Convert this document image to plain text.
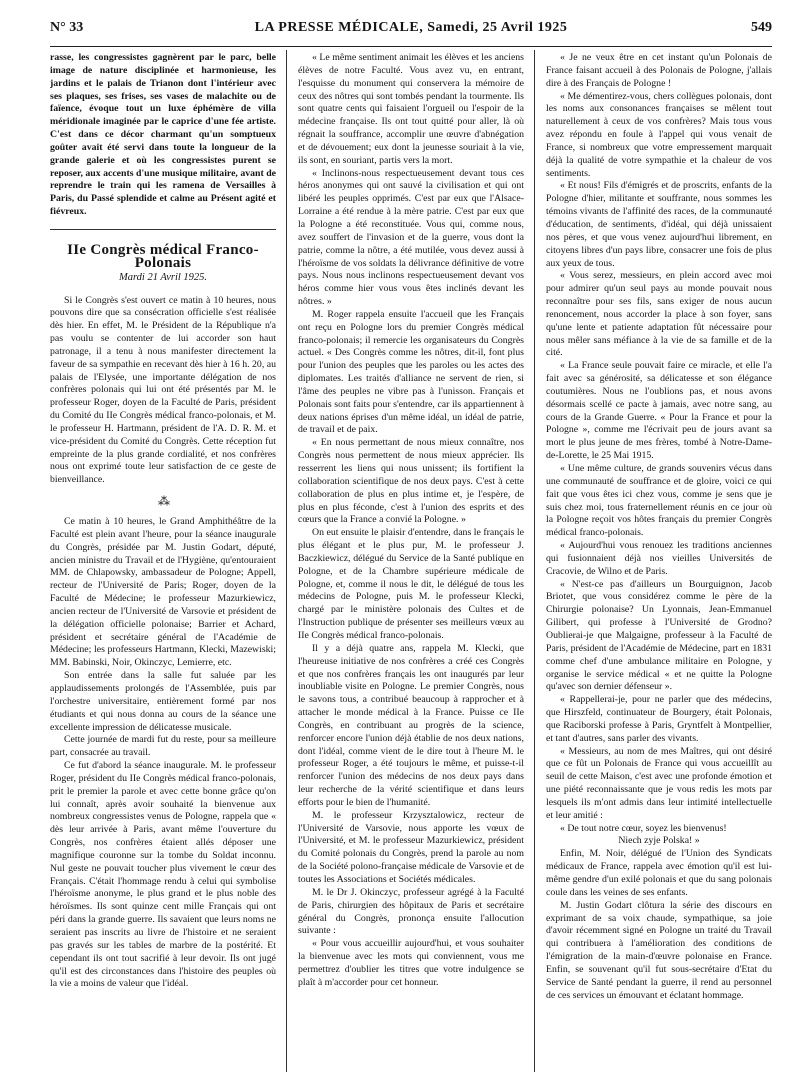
N° 33	LA PRESSE MÉDICALE, Samedi, 25 Avril 1925	549

rasse, les congressistes gagnèrent par le parc, belle image de nature disciplinée et harmonieuse, les jardins et le palais de Trianon dont l'intérieur avec ses plaques, ses frises, ses vases de malachite ou de faïence, évoque tout un luxe éphémère de villa méridionale imaginée par le caprice d'une fée artiste. C'est dans ce décor charmant qu'un somptueux goûter avait été servi dans toute la longueur de la grande galerie et où les congressistes purent se reposer, aux accents d'une musique militaire, avant de reprendre le train qui les ramena de Versailles à Paris, du Passé splendide et calme au Présent agité et fiévreux.

IIe Congrès médical Franco-Polonais
Mardi 21 Avril 1925.

Si le Congrès s'est ouvert ce matin à 10 heures, nous pouvons dire que sa consécration officielle s'est réalisée dès hier. En effet, M. le Président de la République n'a pas voulu se contenter de lui accorder son haut patronage, il a tenu à nous manifester directement la faveur de sa sympathie en recevant dès hier à 16 h. 20, au palais de l'Elysée, une importante délégation de nos confrères polonais qui lui ont été présentés par M. le professeur Roger, doyen de la Faculté de Paris, président du Comité du IIe Congrès médical franco-polonais, et M. le professeur H. Hartmann, président de l'A. D. R. M. et vice-président du Comité du Congrès. Cette réception fut empreinte de la plus grande cordialité, et nos confrères nous ont exprimé toute leur satisfaction de ce geste de bienveillance.

⁂

Ce matin à 10 heures, le Grand Amphithéâtre de la Faculté est plein avant l'heure, pour la séance inaugurale du Congrès, présidée par M. Justin Godart, député, ancien ministre du Travail et de l'Hygiène, qu'entouraient MM. de Chlapowsky, ambassadeur de Pologne; Appell, recteur de l'Université de Paris; Roger, doyen de la Faculté de Médecine; le professeur Mazurkiewicz, ancien recteur de l'Université de Varsovie et président de la délégation officielle polonaise; Barrier et Achard, président et secrétaire général de l'Académie de Médecine; les professeurs Hartmann, Klecki, Mazewiski; MM. Babinski, Noir, Okinczyc, Lemierre, etc.

Son entrée dans la salle fut saluée par les applaudissements prolongés de l'Assemblée, puis par l'orchestre universitaire, entièrement formé par nos étudiants et qui nous donna au cours de la séance une excellente impression de délicatesse musicale.

Cette journée de mardi fut du reste, pour sa meilleure part, consacrée au travail.

Ce fut d'abord la séance inaugurale. M. le professeur Roger, président du IIe Congrès médical franco-polonais, prit le premier la parole et avec cette bonne grâce qu'on lui connaît, après avoir souhaité la bienvenue aux nombreux congressistes venus de Pologne, rappela que « dès leur arrivée à Paris, avant même l'ouverture du Congrès, nos confrères étaient allés déposer une magnifique couronne sur la tombe du Soldat inconnu. Nul geste ne pouvait toucher plus vivement le cœur des Français. C'était l'hommage rendu à celui qui symbolise l'héroïsme anonyme, le plus grand et le plus noble des héroïsmes. Ils sont quinze cent mille Français qui ont péri dans la grande guerre. Ils savaient que leurs noms ne seraient pas inscrits au livre de l'histoire et ne seraient pas gravés sur les tables de marbre de la postérité. Et cependant ils ont tout sacrifié à leur devoir. Ils ont jugé qu'il est des circonstances dans l'histoire des peuples où la vie a moins de valeur que l'idéal.

« Le même sentiment animait les élèves et les anciens élèves de notre Faculté. Vous avez vu, en entrant, l'esquisse du monument qui conservera la mémoire de ceux des nôtres qui sont tombés pendant la tourmente. Ils sont quatre cents qui faisaient l'orgueil ou l'espoir de la médecine française. Ils ont tout quitté pour aller, là où régnait la souffrance, accomplir une œuvre d'abnégation et de dévouement; eux dont la jeunesse souriait à la vie, ils sont, en souriant, partis vers la mort.

« Inclinons-nous respectueusement devant tous ces héros anonymes qui ont sauvé la civilisation et qui ont libéré les peuples opprimés. C'est par eux que l'Alsace-Lorraine a été rendue à la mère patrie. C'est par eux que la Pologne a été reconstituée. Vous qui, comme nous, avez souffert de l'invasion et de la guerre, vous dont la patrie, comme la nôtre, a été mutilée, vous devez aussi à l'héroïsme de vos soldats la délivrance définitive de votre pays. Nous nous inclinons respectueusement devant vos héros comme hier vous vous êtes inclinés devant les nôtres. »

M. Roger rappela ensuite l'accueil que les Français ont reçu en Pologne lors du premier Congrès médical franco-polonais; il remercie les organisateurs du Congrès actuel. « Des Congrès comme les nôtres, dit-il, font plus pour l'union des peuples que les paroles ou les actes des diplomates. Les traités d'alliance ne servent de rien, si l'âme des peuples ne vibre pas à l'unisson. Français et Polonais sont faits pour s'entendre, car ils appartiennent à deux nations éprises d'un même idéal, un idéal de patrie, de travail et de paix.

« En nous permettant de nous mieux connaître, nos Congrès nous permettent de nous mieux apprécier. Ils resserrent les liens qui nous unissent; ils fortifient la collaboration scientifique de nos deux pays. C'est à cette collaboration de plus en plus intime et, je l'espère, de plus en plus féconde, c'est à l'union des esprits et des cœurs que la France a convié la Pologne. »

On eut ensuite le plaisir d'entendre, dans le français le plus élégant et le plus pur, M. le professeur J. Baczkiewicz, délégué du Service de la Santé publique en Pologne, et de la Chambre supérieure médicale de Pologne, et, comme il nous le dit, le délégué de tous les médecins de Pologne, puis M. le professeur Klecki, chargé par le ministère polonais des Cultes et de l'Instruction publique de présenter ses meilleurs vœux au IIe Congrès médical franco-polonais.

Il y a déjà quatre ans, rappela M. Klecki, que l'heureuse initiative de nos confrères a créé ces Congrès et que nos confrères français les ont inaugurés par leur inoubliable visite en Pologne. Le premier Congrès, nous le savons tous, a contribué beaucoup à rapprocher et à attacher le monde médical à la France. Puisse ce IIe Congrès, en contribuant au progrès de la science, renforcer encore l'union déjà établie de nos deux nations, dont l'idéal, comme vient de le dire tout à l'heure M. le professeur Roger, a été toujours le même, et puisse-t-il renforcer l'union des médecins de nos deux pays dans leur recherche de la vérité scientifique et dans leurs efforts pour le bien de l'humanité.

M. le professeur Krzysztalowicz, recteur de l'Université de Varsovie, nous apporte les vœux de l'Université, et M. le professeur Mazurkiewicz, président du Comité polonais du Congrès, prend la parole au nom de la Société polono-française médicale de Varsovie et de toutes les Associations et Sociétés médicales.

M. le Dr J. Okinczyc, professeur agrégé à la Faculté de Paris, chirurgien des hôpitaux de Paris et secrétaire général du Congrès, prononça ensuite l'allocution suivante :

« Pour vous accueillir aujourd'hui, et vous souhaiter la bienvenue avec les mots qui conviennent, vous me permettrez d'oublier les titres que votre indulgence se plaît à m'accorder pour cet honneur.

« Je ne veux être en cet instant qu'un Polonais de France faisant accueil à des Polonais de Pologne, j'allais dire à des Français de Pologne !

« Me démentirez-vous, chers collègues polonais, dont les noms aux consonances françaises se mêlent tout naturellement à ceux de vos confrères? Mais tous vous avez répondu en foule à l'appel qui vous venait de France, si nombreux que votre empressement marquait déjà la qualité de votre sympathie et la chaleur de vos sentiments.

« Et nous! Fils d'émigrés et de proscrits, enfants de la Pologne d'hier, militante et souffrante, nous sommes les témoins vivants de l'affinité des races, de la communauté d'éducation, de sentiments, d'idéal, qui déjà unissaient nos pères, et que vous venez aujourd'hui librement, en citoyens libres d'un pays libre, consacrer une fois de plus aux yeux de tous.

« Vous serez, messieurs, en plein accord avec moi pour admirer qu'un seul pays au monde pouvait nous reconnaître pour ses fils, sans exiger de nous aucun renoncement, nous accorder la place à son foyer, sans qu'une lente et patiente adaptation fût nécessaire pour nous mêler sans méfiance à la vie de sa famille et de la cité.

« La France seule pouvait faire ce miracle, et elle l'a fait avec sa générosité, sa délicatesse et son élégance coutumières. Nous ne l'oublions pas, et nous avons désormais scellé ce pacte à jamais, avec notre sang, au cours de la Grande Guerre. « Pour la France et pour la Pologne », comme me l'écrivait peu de jours avant sa mort le plus jeune de mes frères, tombé à Notre-Dame-de-Lorette, le 25 Mai 1915.

« Une même culture, de grands souvenirs vécus dans une communauté de souffrance et de gloire, voici ce qui fait que vous êtes ici chez vous, comme je sens que je suis chez moi, tous fraternellement réunis en ce jour où la Pologne reçoit vos hôtes français du premier Congrès médical franco-polonais.

« Aujourd'hui vous renouez les traditions anciennes qui fusionnaient déjà nos vieilles Universités de Cracovie, de Wilno et de Paris.

« N'est-ce pas d'ailleurs un Bourguignon, Jacob Briotet, que vous considérez comme le père de la Chirurgie polonaise? Un Lyonnais, Jean-Emmanuel Gilibert, qui professe à l'Université de Grodno? Oublierai-je que Malgaigne, professeur à la Faculté de Paris, président de l'Académie de Médecine, part en 1831 comme chef d'une ambulance militaire en Pologne, y organise le service médical « et ne quitte la Pologne qu'avec son dernier défenseur ».

« Rappellerai-je, pour ne parler que des médecins, que Hirszfeld, continuateur de Bourgery, était Polonais, que Raciborski professe à Paris, Gryntfelt à Montpellier, et tant d'autres, sans parler des vivants.

« Messieurs, au nom de mes Maîtres, qui ont désiré que ce fût un Polonais de France qui vous accueillît au seuil de cette Maison, c'est avec une profonde émotion et une piété reconnaissante que je vous redis les mots par lesquels ils m'ont admis dans leur intimité intellectuelle et leur amitié :

« De tout notre cœur, soyez les bienvenus!

Niech zyje Polska! »

Enfin, M. Noir, délégué de l'Union des Syndicats médicaux de France, rappela avec émotion qu'il est lui-même gendre d'un exilé polonais et que du sang polonais coule dans les veines de ses enfants.

M. Justin Godart clôtura la série des discours en exprimant de sa voix chaude, sympathique, sa joie d'avoir récemment signé en Pologne un traité du Travail qui contribuera à l'amélioration des conditions de l'émigration de la main-d'œuvre polonaise en France. Enfin, se souvenant qu'il fut sous-secrétaire d'Etat du Service de Santé pendant la guerre, il rend au personnel de ces services un émouvant et éclatant hommage.
